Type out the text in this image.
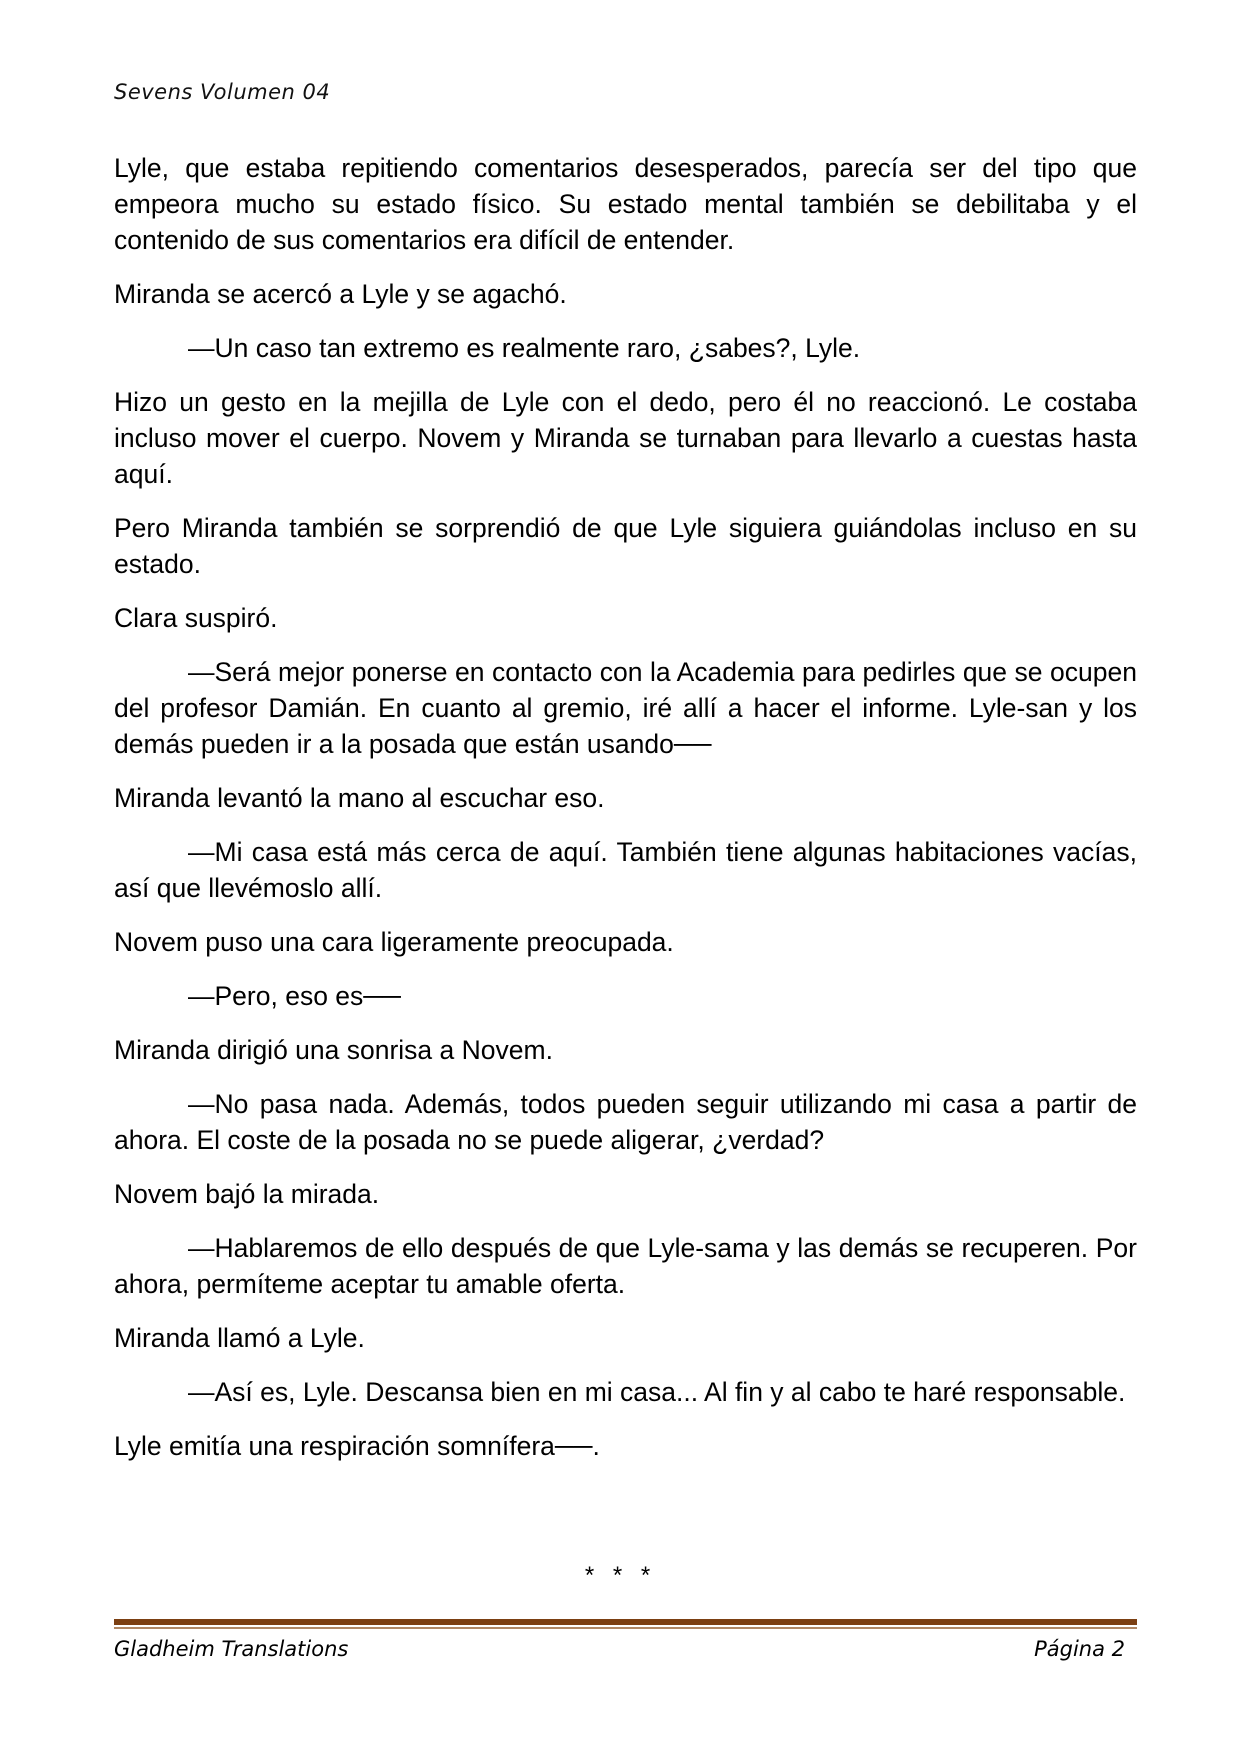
Sevens Volumen 04

Lyle, que estaba repitiendo comentarios desesperados, parecía ser del tipo que empeora mucho su estado físico. Su estado mental también se debilitaba y el contenido de sus comentarios era difícil de entender.

Miranda se acercó a Lyle y se agachó.

—Un caso tan extremo es realmente raro, ¿sabes?, Lyle.

Hizo un gesto en la mejilla de Lyle con el dedo, pero él no reaccionó. Le costaba incluso mover el cuerpo. Novem y Miranda se turnaban para llevarlo a cuestas hasta aquí.

Pero Miranda también se sorprendió de que Lyle siguiera guiándolas incluso en su estado.

Clara suspiró.

—Será mejor ponerse en contacto con la Academia para pedirles que se ocupen del profesor Damián. En cuanto al gremio, iré allí a hacer el informe. Lyle-san y los demás pueden ir a la posada que están usando──

Miranda levantó la mano al escuchar eso.

—Mi casa está más cerca de aquí. También tiene algunas habitaciones vacías, así que llevémoslo allí.

Novem puso una cara ligeramente preocupada.

—Pero, eso es──

Miranda dirigió una sonrisa a Novem.

—No pasa nada. Además, todos pueden seguir utilizando mi casa a partir de ahora. El coste de la posada no se puede aligerar, ¿verdad?

Novem bajó la mirada.

—Hablaremos de ello después de que Lyle-sama y las demás se recuperen. Por ahora, permíteme aceptar tu amable oferta.

Miranda llamó a Lyle.

—Así es, Lyle. Descansa bien en mi casa... Al fin y al cabo te haré responsable.

Lyle emitía una respiración somnífera──.

* * *
Gladheim Translations	Página 2
